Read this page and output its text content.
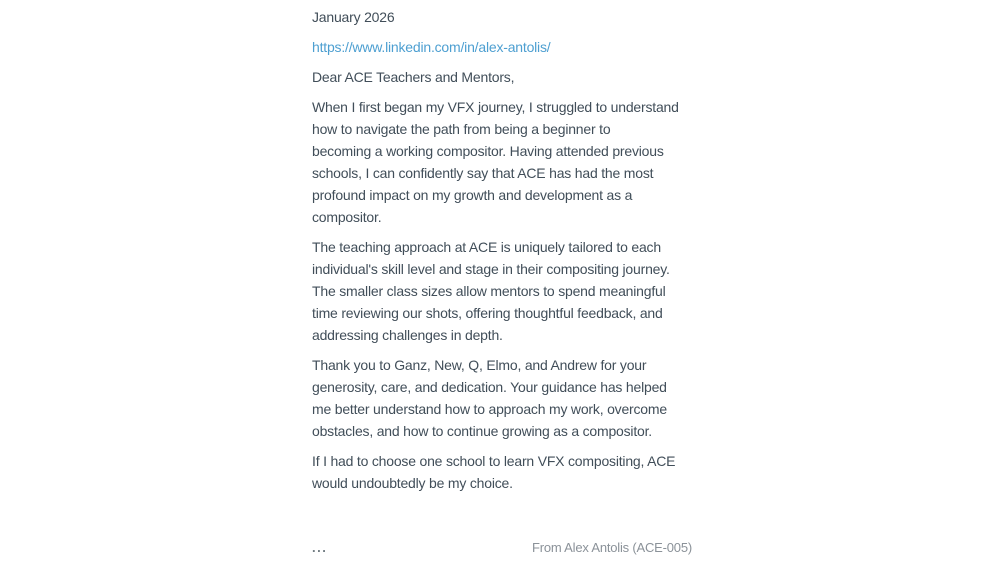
January 2026
https://www.linkedin.com/in/alex-antolis/
Dear ACE Teachers and Mentors,
When I first began my VFX journey, I struggled to understand
how to navigate the path from being a beginner to
becoming a working compositor. Having attended previous
schools, I can confidently say that ACE has had the most
profound impact on my growth and development as a
compositor.
The teaching approach at ACE is uniquely tailored to each
individual's skill level and stage in their compositing journey.
The smaller class sizes allow mentors to spend meaningful
time reviewing our shots, offering thoughtful feedback, and
addressing challenges in depth.
Thank you to Ganz, New, Q, Elmo, and Andrew for your
generosity, care, and dedication. Your guidance has helped
me better understand how to approach my work, overcome
obstacles, and how to continue growing as a compositor.
If I had to choose one school to learn VFX compositing, ACE
would undoubtedly be my choice.
...	From Alex Antolis (ACE-005)
